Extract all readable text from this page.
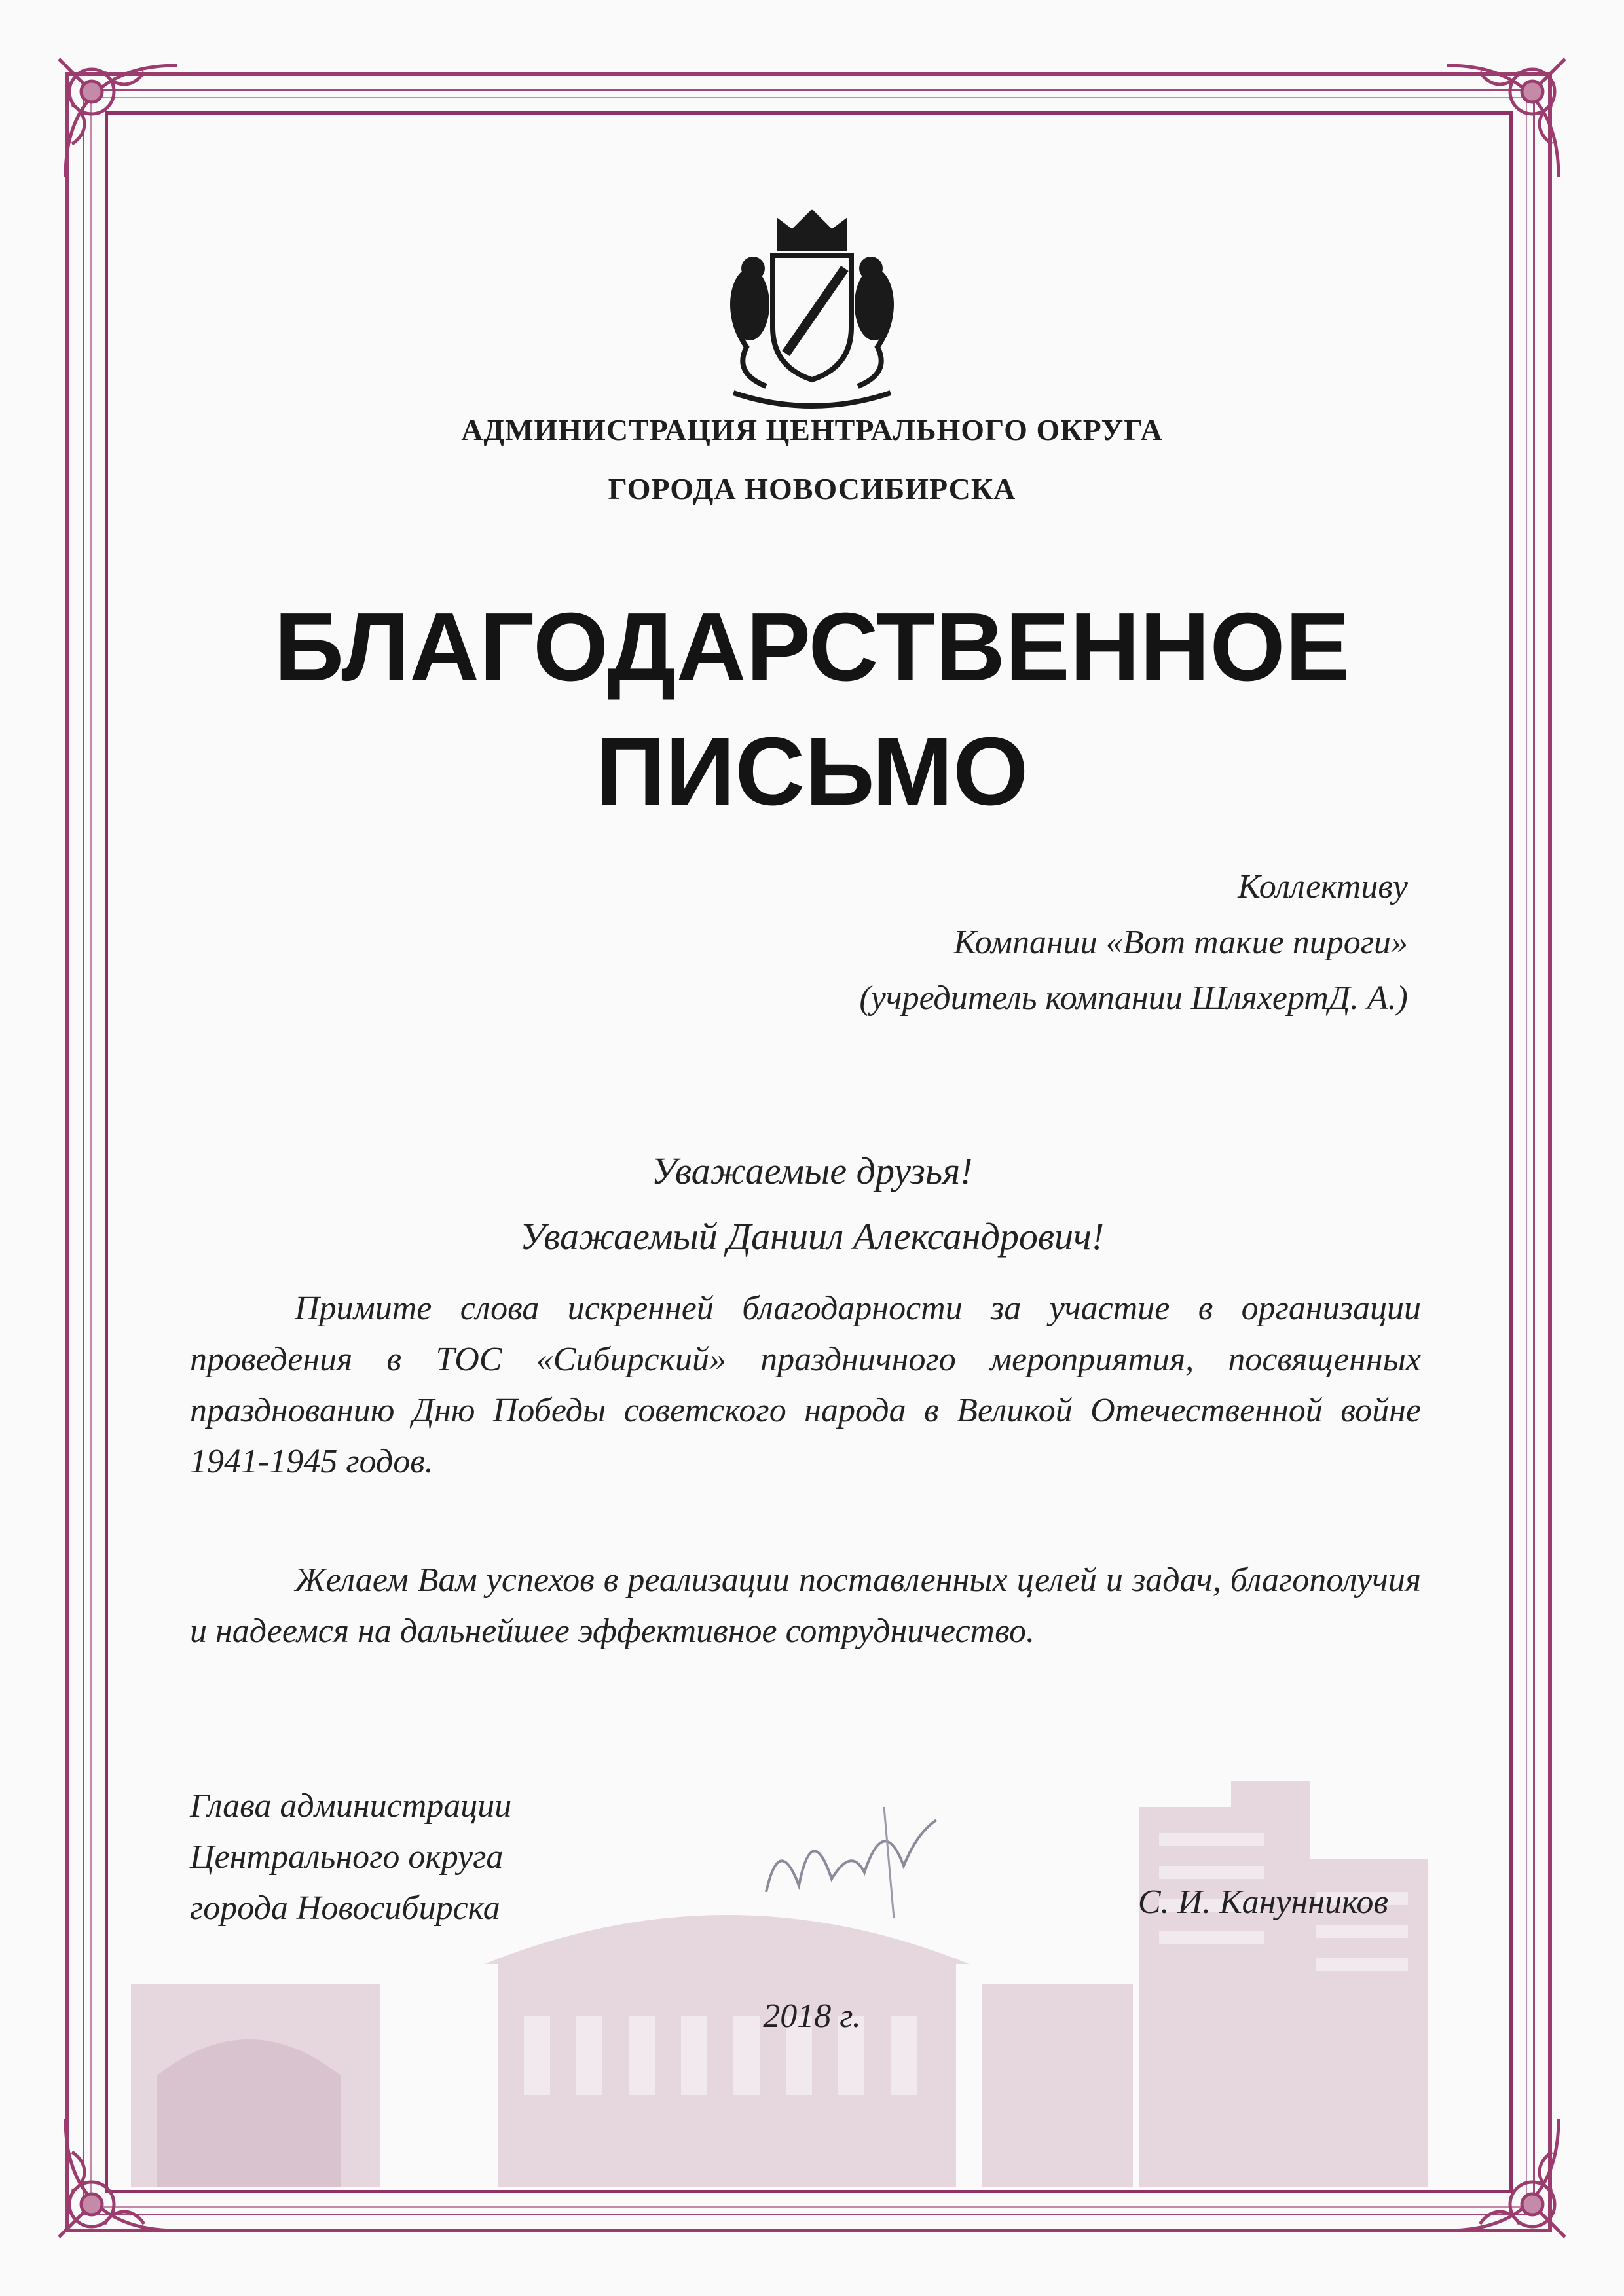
АДМИНИСТРАЦИЯ ЦЕНТРАЛЬНОГО ОКРУГА
ГОРОДА НОВОСИБИРСКА
БЛАГОДАРСТВЕННОЕ
ПИСЬМО
Коллективу
Компании «Вот такие пироги»
(учредитель компании ШляхертД. А.)
Уважаемые друзья!
Уважаемый Даниил Александрович!

Примите слова искренней благодарности за участие в организации проведения в ТОС «Сибирский» праздничного мероприятия, посвященных празднованию Дню Победы советского народа в Великой Отечественной войне 1941-1945 годов.

Желаем Вам успехов в реализации поставленных целей и задач, благополучия и надеемся на дальнейшее эффективное сотрудничество.

Глава администрации
Центрального округа
города Новосибирска	С. И. Канунников
2018 г.
